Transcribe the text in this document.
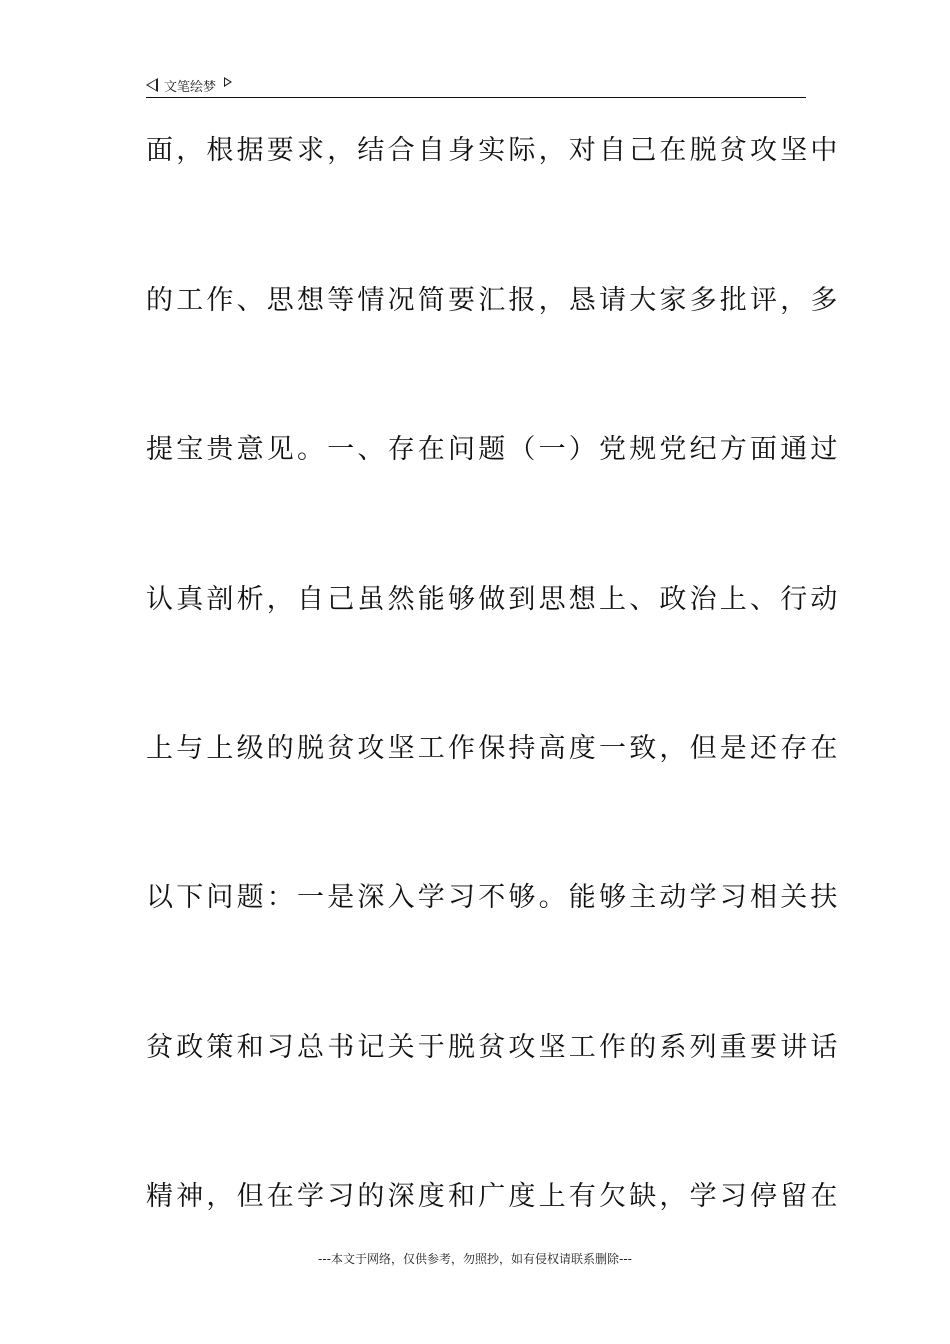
文笔绘梦
面，根据要求，结合自身实际，对自己在脱贫攻坚中
的工作、思想等情况简要汇报，恳请大家多批评，多
提宝贵意见。一、存在问题（一）党规党纪方面通过
认真剖析，自己虽然能够做到思想上、政治上、行动
上与上级的脱贫攻坚工作保持高度一致，但是还存在
以下问题：一是深入学习不够。能够主动学习相关扶
贫政策和习总书记关于脱贫攻坚工作的系列重要讲话
精神，但在学习的深度和广度上有欠缺，学习停留在
---本文于网络，仅供参考，勿照抄，如有侵权请联系删除---
